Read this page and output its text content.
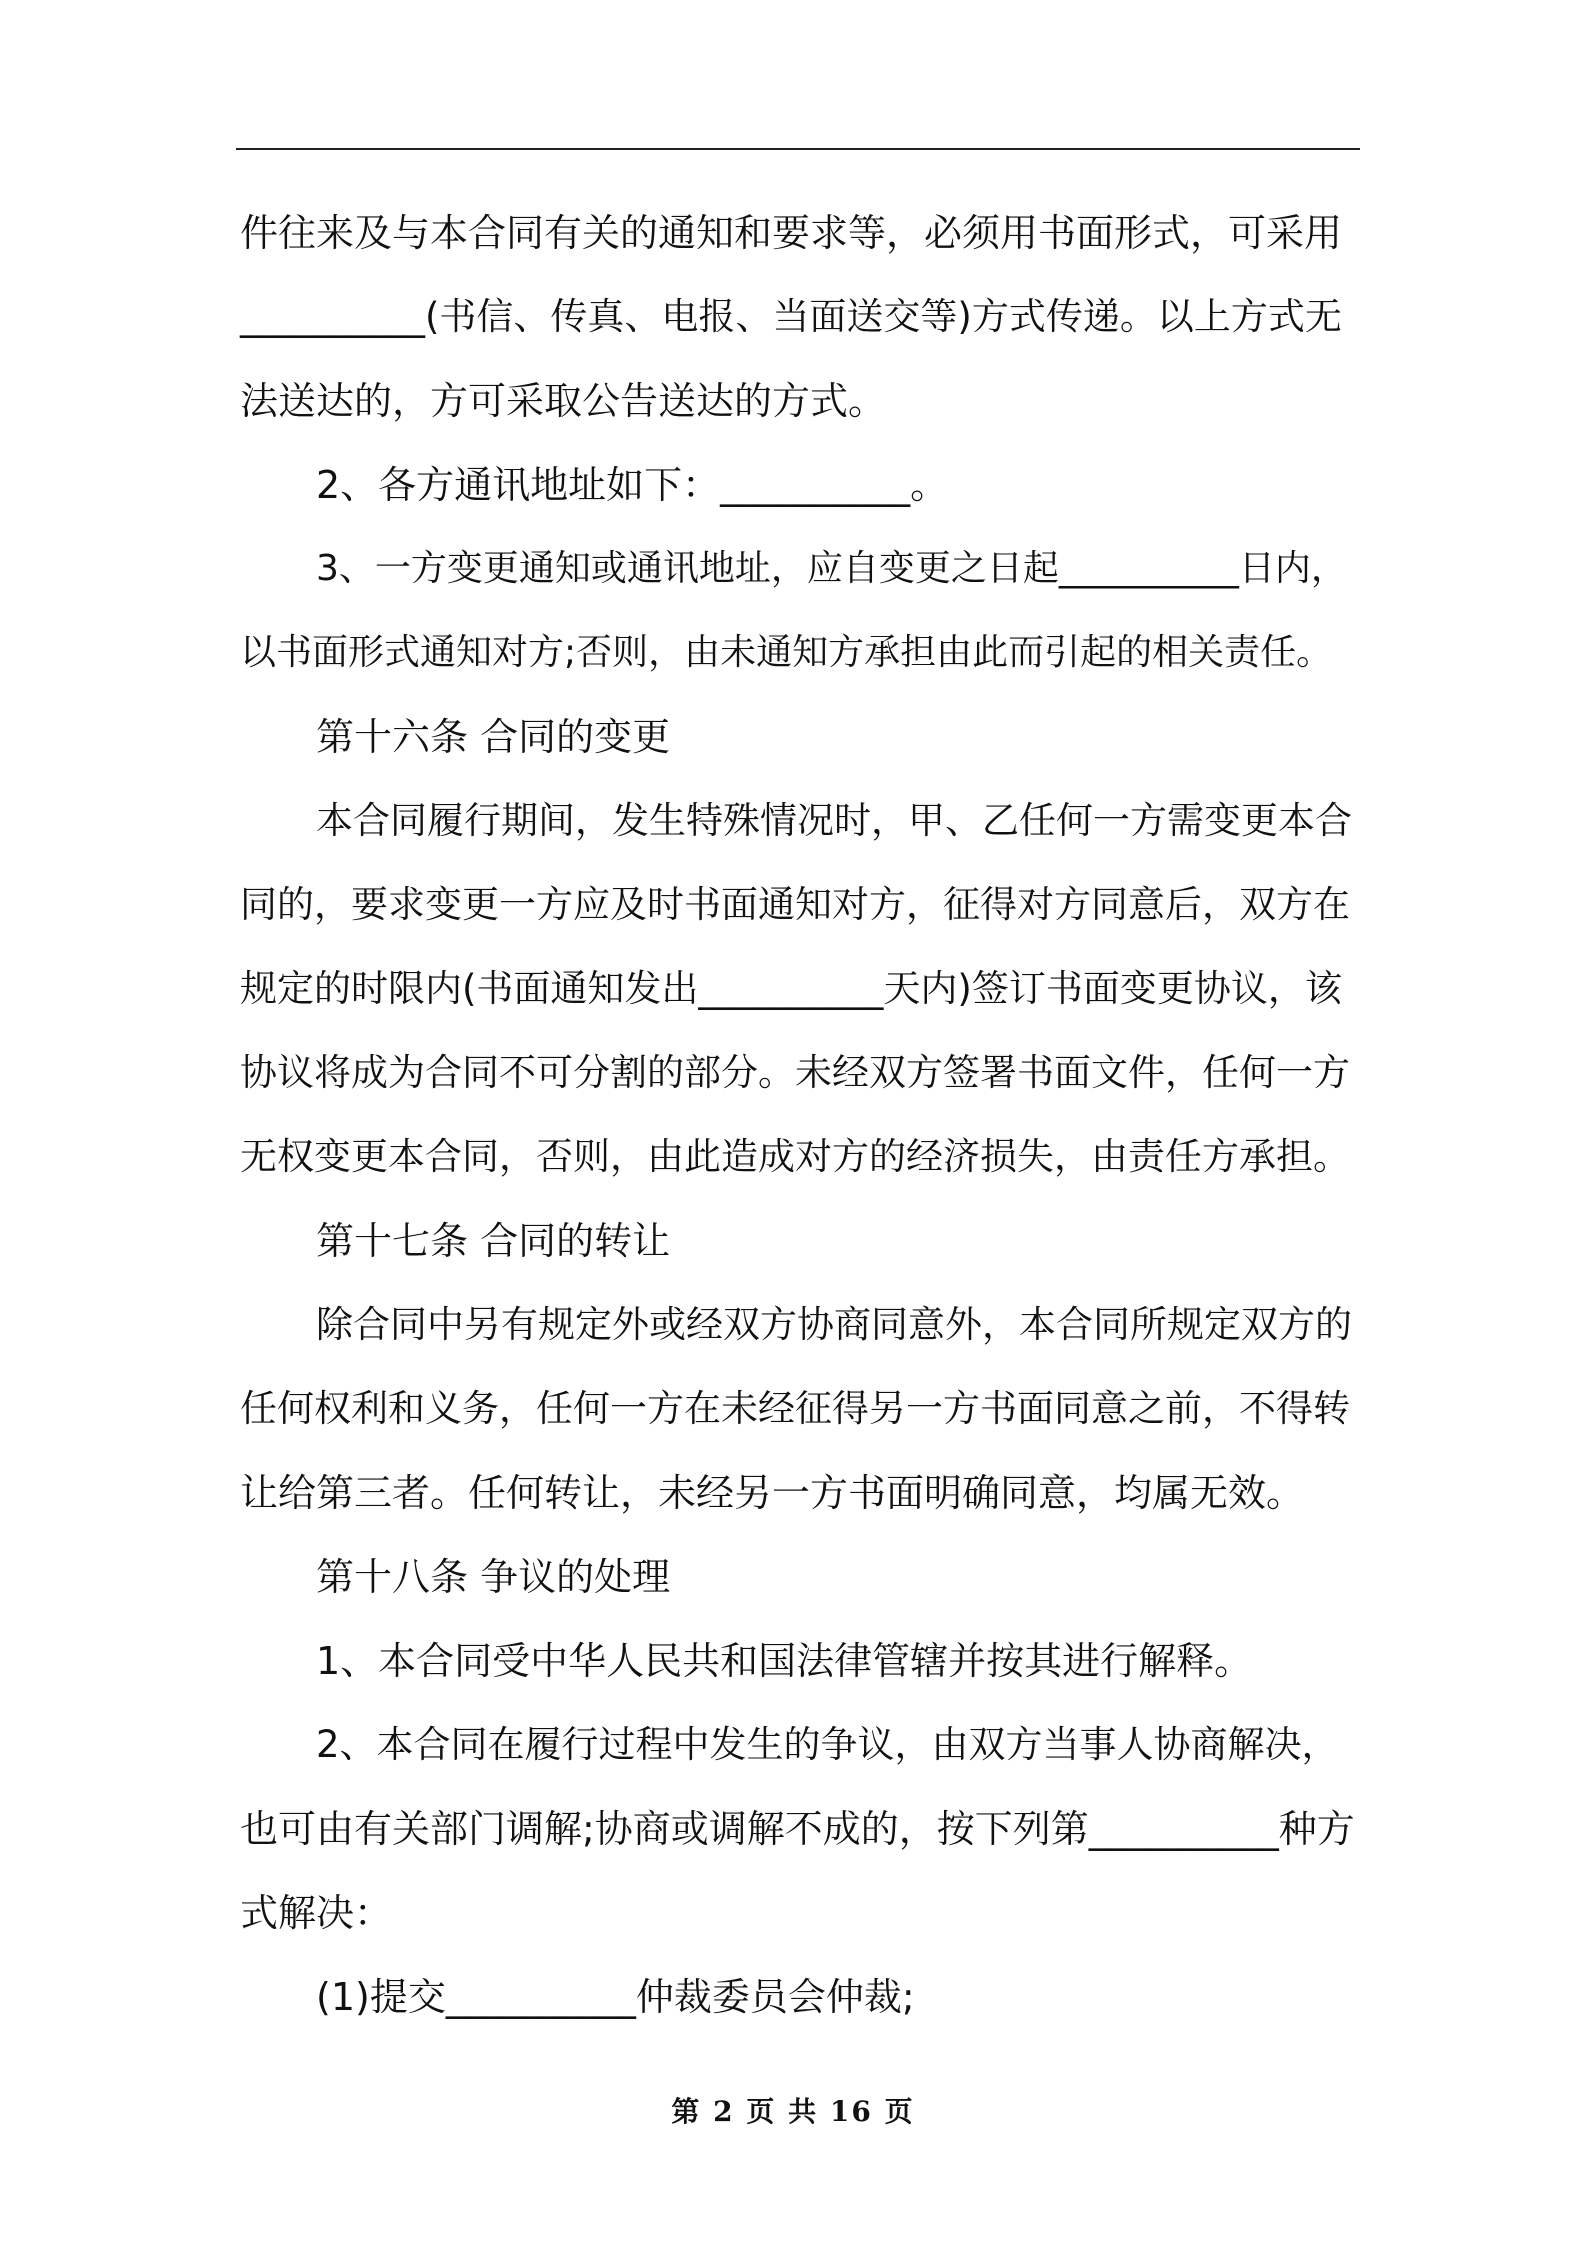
件往来及与本合同有关的通知和要求等，必须用书面形式，可采用
__________(书信、传真、电报、当面送交等)方式传递。以上方式无
法送达的，方可采取公告送达的方式。
2、各方通讯地址如下：__________。
3、一方变更通知或通讯地址，应自变更之日起__________日内，
以书面形式通知对方;否则，由未通知方承担由此而引起的相关责任。
第十六条 合同的变更
本合同履行期间，发生特殊情况时，甲、乙任何一方需变更本合
同的，要求变更一方应及时书面通知对方，征得对方同意后，双方在
规定的时限内(书面通知发出__________天内)签订书面变更协议，该
协议将成为合同不可分割的部分。未经双方签署书面文件，任何一方
无权变更本合同，否则，由此造成对方的经济损失，由责任方承担。
第十七条 合同的转让
除合同中另有规定外或经双方协商同意外，本合同所规定双方的
任何权利和义务，任何一方在未经征得另一方书面同意之前，不得转
让给第三者。任何转让，未经另一方书面明确同意，均属无效。
第十八条 争议的处理
1、本合同受中华人民共和国法律管辖并按其进行解释。
2、本合同在履行过程中发生的争议，由双方当事人协商解决，
也可由有关部门调解;协商或调解不成的，按下列第__________种方
式解决：
(1)提交__________仲裁委员会仲裁;
第 2 页 共 16 页
